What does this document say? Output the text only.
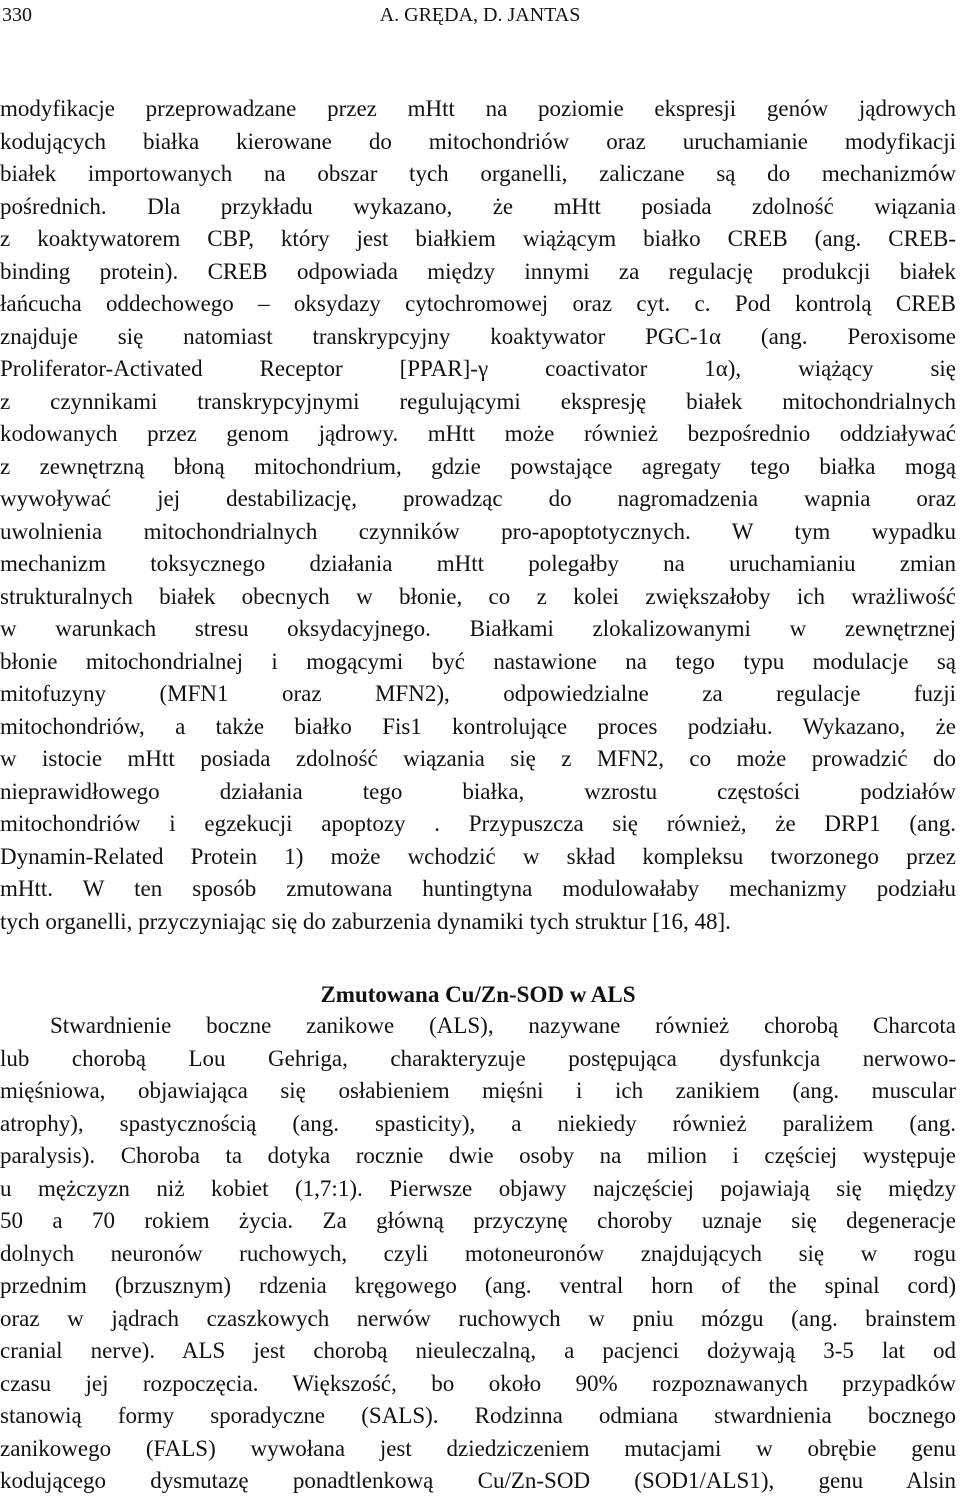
330	A. GRĘDA, D. JANTAS
modyfikacje przeprowadzane przez mHtt na poziomie ekspresji genów jądrowych
kodujących białka kierowane do mitochondriów oraz uruchamianie modyfikacji
białek importowanych na obszar tych organelli, zaliczane są do mechanizmów
pośrednich. Dla przykładu wykazano, że mHtt posiada zdolność wiązania
z koaktywatorem CBP, który jest białkiem wiążącym białko CREB (ang. CREB-
binding protein). CREB odpowiada między innymi za regulację produkcji białek
łańcucha oddechowego – oksydazy cytochromowej oraz cyt. c. Pod kontrolą CREB
znajduje się natomiast transkrypcyjny koaktywator PGC-1α (ang. Peroxisome
Proliferator-Activated Receptor [PPAR]-γ coactivator 1α), wiążący się
z czynnikami transkrypcyjnymi regulującymi ekspresję białek mitochondrialnych
kodowanych przez genom jądrowy. mHtt może również bezpośrednio oddziaływać
z zewnętrzną błoną mitochondrium, gdzie powstające agregaty tego białka mogą
wywoływać jej destabilizację, prowadząc do nagromadzenia wapnia oraz
uwolnienia mitochondrialnych czynników pro-apoptotycznych. W tym wypadku
mechanizm toksycznego działania mHtt polegałby na uruchamianiu zmian
strukturalnych białek obecnych w błonie, co z kolei zwiększałoby ich wrażliwość
w warunkach stresu oksydacyjnego. Białkami zlokalizowanymi w zewnętrznej
błonie mitochondrialnej i mogącymi być nastawione na tego typu modulacje są
mitofuzyny (MFN1 oraz MFN2), odpowiedzialne za regulacje fuzji
mitochondriów, a także białko Fis1 kontrolujące proces podziału. Wykazano, że
w istocie mHtt posiada zdolność wiązania się z MFN2, co może prowadzić do
nieprawidłowego działania tego białka, wzrostu częstości podziałów
mitochondriów i egzekucji apoptozy . Przypuszcza się również, że DRP1 (ang.
Dynamin-Related Protein 1) może wchodzić w skład kompleksu tworzonego przez
mHtt. W ten sposób zmutowana huntingtyna modulowałaby mechanizmy podziału
tych organelli, przyczyniając się do zaburzenia dynamiki tych struktur [16, 48].
Zmutowana Cu/Zn-SOD w ALS
Stwardnienie boczne zanikowe (ALS), nazywane również chorobą Charcota
lub chorobą Lou Gehriga, charakteryzuje postępująca dysfunkcja nerwowo-
mięśniowa, objawiająca się osłabieniem mięśni i ich zanikiem (ang. muscular
atrophy), spastycznością (ang. spasticity), a niekiedy również paraliżem (ang.
paralysis). Choroba ta dotyka rocznie dwie osoby na milion i częściej występuje
u mężczyzn niż kobiet (1,7:1). Pierwsze objawy najczęściej pojawiają się między
50 a 70 rokiem życia. Za główną przyczynę choroby uznaje się degeneracje
dolnych neuronów ruchowych, czyli motoneuronów znajdujących się w rogu
przednim (brzusznym) rdzenia kręgowego (ang. ventral horn of the spinal cord)
oraz w jądrach czaszkowych nerwów ruchowych w pniu mózgu (ang. brainstem
cranial nerve). ALS jest chorobą nieuleczalną, a pacjenci dożywają 3-5 lat od
czasu jej rozpoczęcia. Większość, bo około 90% rozpoznawanych przypadków
stanowią formy sporadyczne (SALS). Rodzinna odmiana stwardnienia bocznego
zanikowego (FALS) wywołana jest dziedziczeniem mutacjami w obrębie genu
kodującego dysmutazę ponadtlenkową Cu/Zn-SOD (SOD1/ALS1), genu Alsin
